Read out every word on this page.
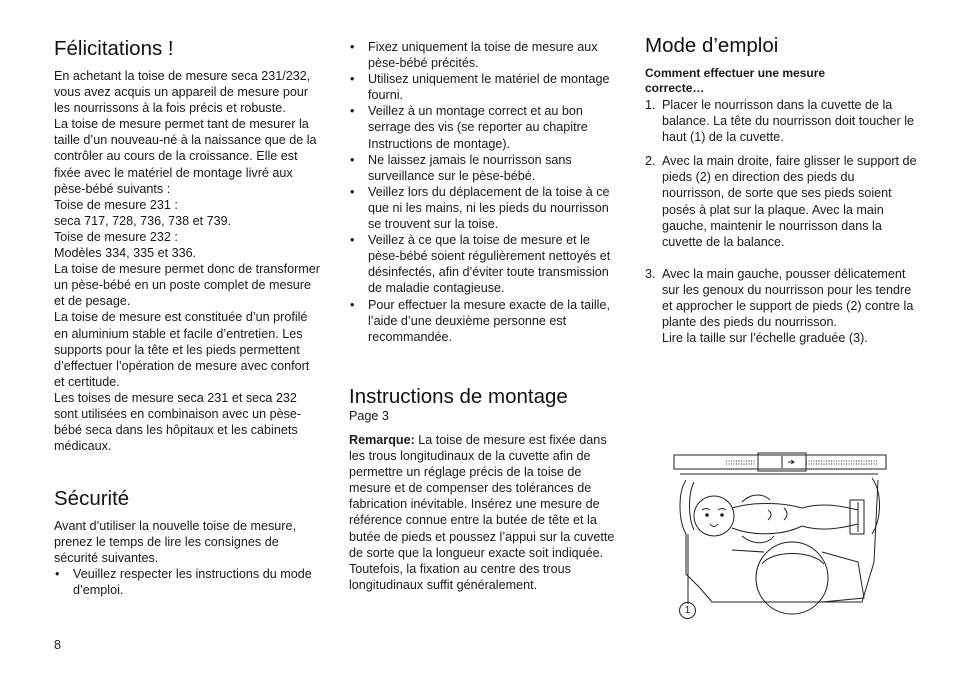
Félicitations !

En achetant la toise de mesure seca 231/232, vous avez acquis un appareil de mesure pour les nourrissons à la fois précis et robuste.

La toise de mesure permet tant de mesurer la taille d’un nouveau-né à la naissance que de la contrôler au cours de la croissance. Elle est fixée avec le matériel de montage livré aux pèse-bébé suivants :

Toise de mesure 231 :

seca 717, 728, 736, 738 et 739.

Toise de mesure 232 :

Modèles 334, 335 et 336.

La toise de mesure permet donc de transformer un pèse-bébé en un poste complet de mesure et de pesage.

La toise de mesure est constituée d’un profilé en aluminium stable et facile d’entretien. Les supports pour la tête et les pieds permettent d’effectuer l’opération de mesure avec confort et certitude.

Les toises de mesure seca 231 et seca 232 sont utilisées en combinaison avec un pèse-bébé seca dans les hôpitaux et les cabinets médicaux.

Sécurité

Avant d’utiliser la nouvelle toise de mesure, prenez le temps de lire les consignes de sécurité suivantes.

• Veuillez respecter les instructions du mode d’emploi.
• Fixez uniquement la toise de mesure aux pèse-bébé précités.
• Utilisez uniquement le matériel de montage fourni.
• Veillez à un montage correct et au bon serrage des vis (se reporter au chapitre Instructions de montage).
• Ne laissez jamais le nourrisson sans surveillance sur le pèse-bébé.
• Veillez lors du déplacement de la toise à ce que ni les mains, ni les pieds du nourrisson se trouvent sur la toise.
• Veillez à ce que la toise de mesure et le pèse-bébé soient régulièrement nettoyés et désinfectés, afin d’éviter toute transmission de maladie contagieuse.
• Pour effectuer la mesure exacte de la taille, l’aide d’une deuxième personne est recommandée.
Instructions de montage

Page 3

Remarque: La toise de mesure est fixée dans les trous longitudinaux de la cuvette afin de permettre un réglage précis de la toise de mesure et de compenser des tolérances de fabrication inévitable. Insérez une mesure de référence connue entre la butée de tête et la butée de pieds et poussez l’appui sur la cuvette de sorte que la longueur exacte soit indiquée. Toutefois, la fixation au centre des trous longitudinaux suffit généralement.

Mode d’emploi

Comment effectuer une mesure correcte…

1. Placer le nourrisson dans la cuvette de la balance. La tête du nourrisson doit toucher le haut (1) de la cuvette.
2. Avec la main droite, faire glisser le support de pieds (2) en direction des pieds du nourrisson, de sorte que ses pieds soient posés à plat sur la plaque. Avec la main gauche, maintenir le nourrisson dans la cuvette de la balance.
3. Avec la main gauche, pousser délicatement sur les genoux du nourrisson pour les tendre et approcher le support de pieds (2) contre la plante des pieds du nourrisson.
Lire la taille sur l’échelle graduée (3).
1
8
